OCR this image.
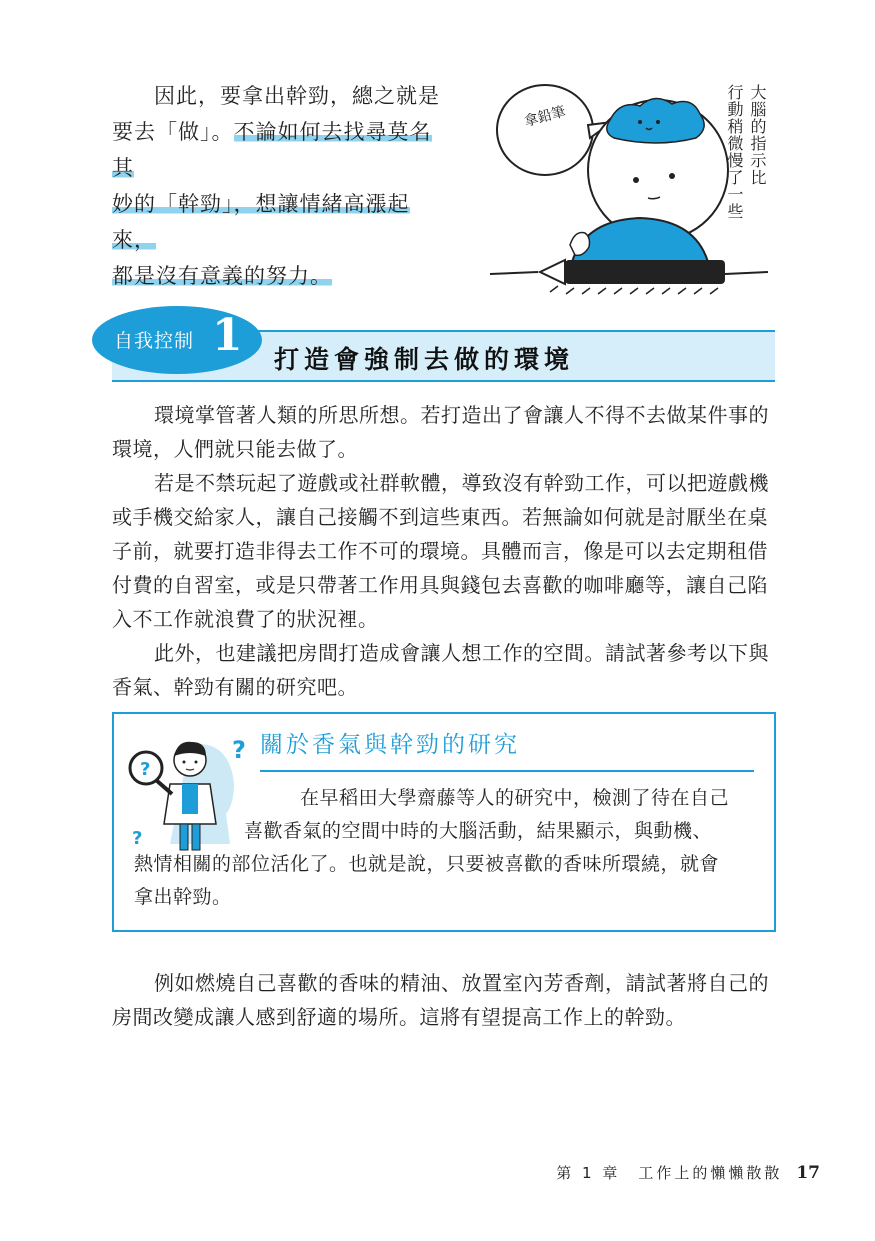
因此，要拿出幹勁，總之就是
要去「做」。不論如何去找尋莫名其
妙的「幹勁」，想讓情緒高漲起來，
都是沒有意義的努力。
拿鉛筆	大腦的指示比
行動稍微慢了一些
自我控制 1 打造會強制去做的環境

環境掌管著人類的所思所想。若打造出了會讓人不得不去做某件事的環境，人們就只能去做了。

若是不禁玩起了遊戲或社群軟體，導致沒有幹勁工作，可以把遊戲機或手機交給家人，讓自己接觸不到這些東西。若無論如何就是討厭坐在桌子前，就要打造非得去工作不可的環境。具體而言，像是可以去定期租借付費的自習室，或是只帶著工作用具與錢包去喜歡的咖啡廳等，讓自己陷入不工作就浪費了的狀況裡。

此外，也建議把房間打造成會讓人想工作的空間。請試著參考以下與香氣、幹勁有關的研究吧。

?
?
?
關於香氣與幹勁的研究
在早稻田大學齋藤等人的研究中，檢測了待在自己
喜歡香氣的空間中時的大腦活動，結果顯示，與動機、
熱情相關的部位活化了。也就是說，只要被喜歡的香味所環繞，就會
拿出幹勁。

例如燃燒自己喜歡的香味的精油、放置室內芳香劑，請試著將自己的房間改變成讓人感到舒適的場所。這將有望提高工作上的幹勁。

第 1 章　工作上的懶懶散散 17
